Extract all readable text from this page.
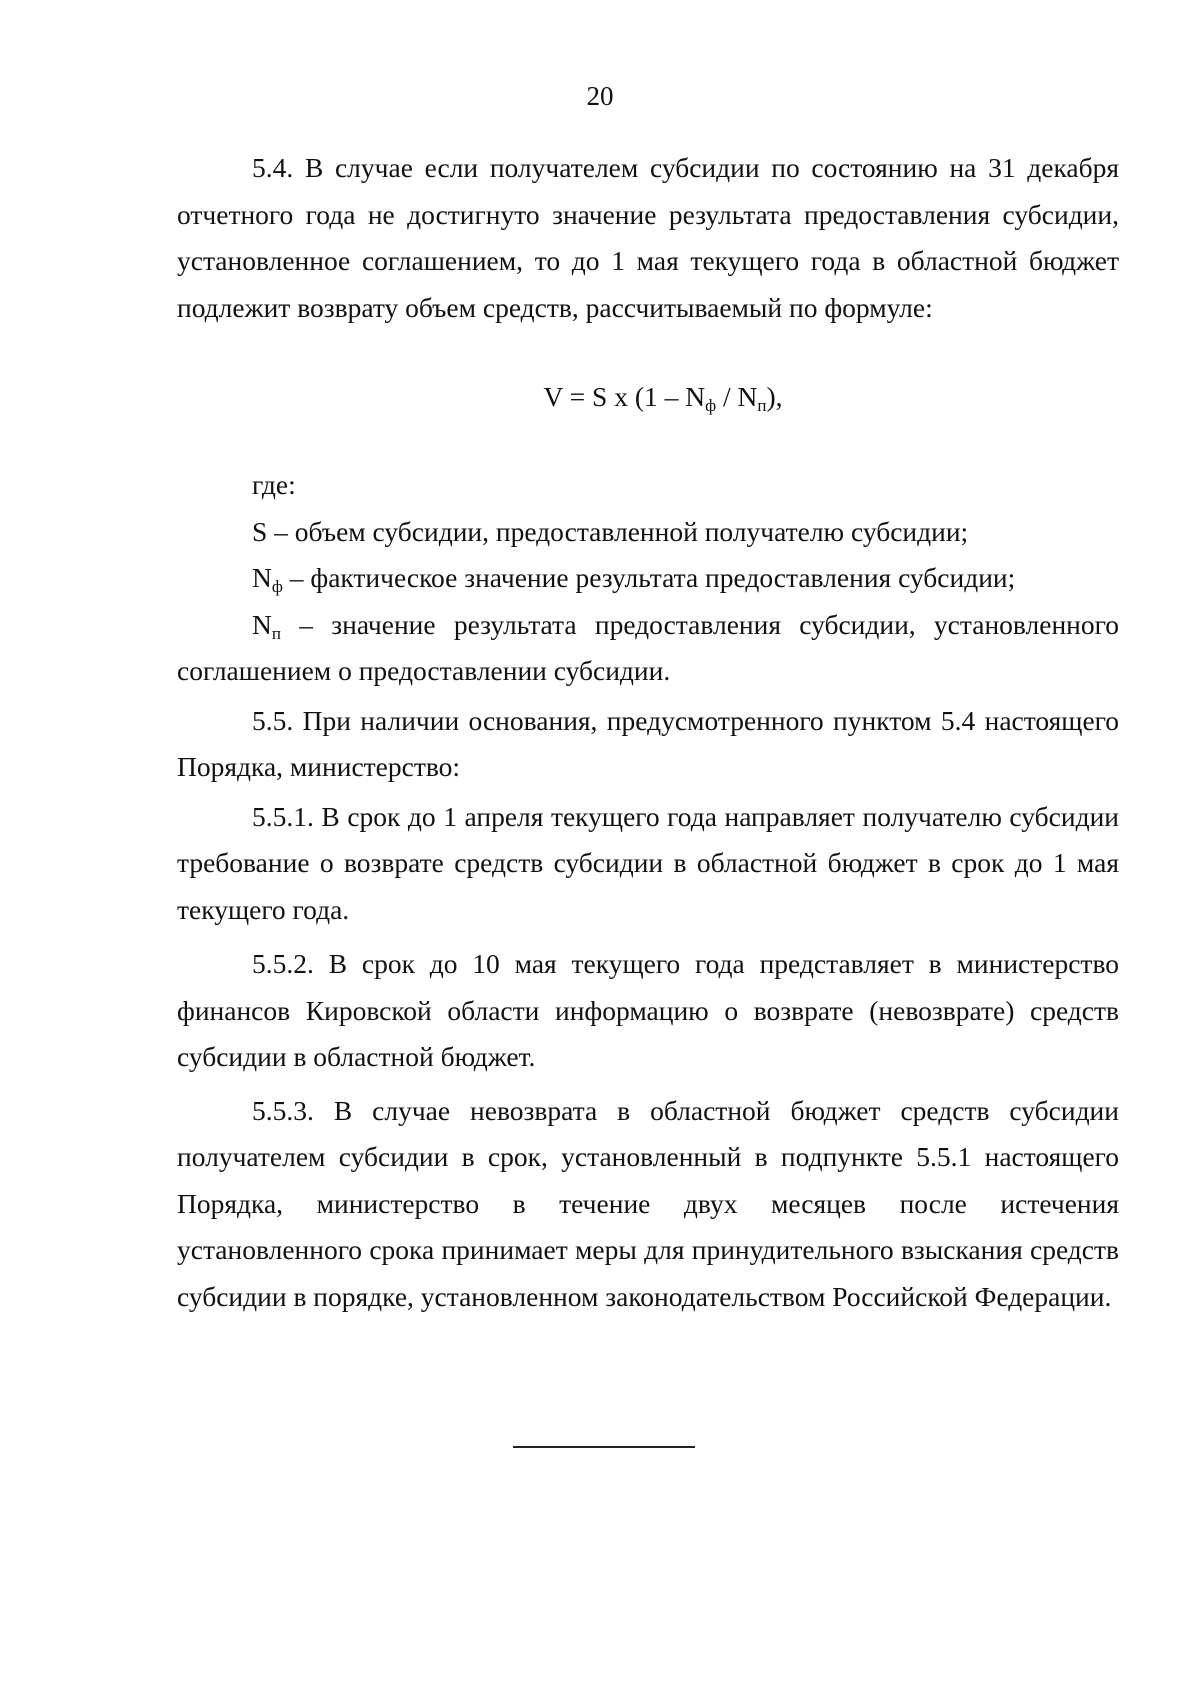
20

5.4. В случае если получателем субсидии по состоянию на 31 декабря отчетного года не достигнуто значение результата предоставления субсидии, установленное соглашением, то до 1 мая текущего года в областной бюджет подлежит возврату объем средств, рассчитываемый по формуле:

V = S x $(1 - N_ф / N_п)$,

где:

S – объем субсидии, предоставленной получателю субсидии;

$N_ф$ – фактическое значение результата предоставления субсидии;

$N_п$ – значение результата предоставления субсидии, установленного соглашением о предоставлении субсидии.

5.5. При наличии основания, предусмотренного пунктом 5.4 настоящего Порядка, министерство:

5.5.1. В срок до 1 апреля текущего года направляет получателю субсидии требование о возврате средств субсидии в областной бюджет в срок до 1 мая текущего года.

5.5.2. В срок до 10 мая текущего года представляет в министерство финансов Кировской области информацию о возврате (невозврате) средств субсидии в областной бюджет.

5.5.3. В случае невозврата в областной бюджет средств субсидии получателем субсидии в срок, установленный в подпункте 5.5.1 настоящего Порядка, министерство в течение двух месяцев после истечения установленного срока принимает меры для принудительного взыскания средств субсидии в порядке, установленном законодательством Российской Федерации.
